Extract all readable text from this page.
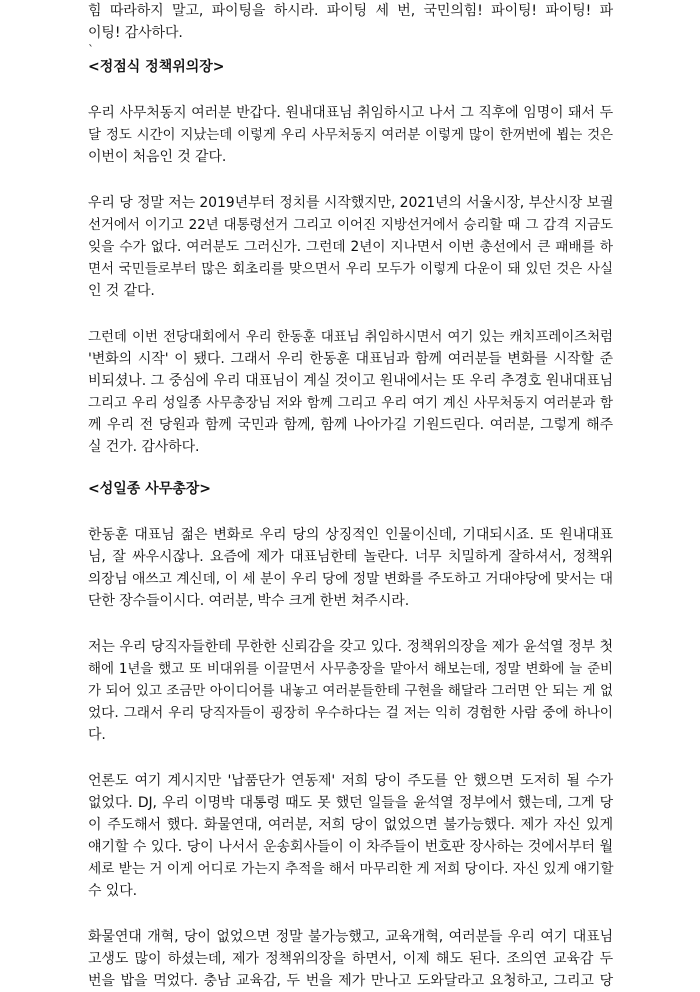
힘 따라하지 말고, 파이팅을 하시라. 파이팅 세 번, 국민의힘! 파이팅! 파이팅! 파
이팅! 감사하다.
`
<정점식 정책위의장>
우리 사무처동지 여러분 반갑다. 원내대표님 취임하시고 나서 그 직후에 임명이 돼서 두
달 정도 시간이 지났는데 이렇게 우리 사무처동지 여러분 이렇게 많이 한꺼번에 뵙는 것은
이번이 처음인 것 같다.
우리 당 정말 저는 2019년부터 정치를 시작했지만, 2021년의 서울시장, 부산시장 보궐
선거에서 이기고 22년 대통령선거 그리고 이어진 지방선거에서 승리할 때 그 감격 지금도
잊을 수가 없다. 여러분도 그러신가. 그런데 2년이 지나면서 이번 총선에서 큰 패배를 하
면서 국민들로부터 많은 회초리를 맞으면서 우리 모두가 이렇게 다운이 돼 있던 것은 사실
인 것 같다.
그런데 이번 전당대회에서 우리 한동훈 대표님 취임하시면서 여기 있는 캐치프레이즈처럼
'변화의 시작' 이 됐다. 그래서 우리 한동훈 대표님과 함께 여러분들 변화를 시작할 준
비되셨나. 그 중심에 우리 대표님이 계실 것이고 원내에서는 또 우리 추경호 원내대표님
그리고 우리 성일종 사무총장님 저와 함께 그리고 우리 여기 계신 사무처동지 여러분과 함
께 우리 전 당원과 함께 국민과 함께, 함께 나아가길 기원드린다. 여러분, 그렇게 해주
실 건가. 감사하다.
<성일종 사무총장>
한동훈 대표님 젊은 변화로 우리 당의 상징적인 인물이신데, 기대되시죠. 또 원내대표
님, 잘 싸우시잖나. 요즘에 제가 대표님한테 놀란다. 너무 치밀하게 잘하셔서, 정책위
의장님 애쓰고 계신데, 이 세 분이 우리 당에 정말 변화를 주도하고 거대야당에 맞서는 대
단한 장수들이시다. 여러분, 박수 크게 한번 쳐주시라.
저는 우리 당직자들한테 무한한 신뢰감을 갖고 있다. 정책위의장을 제가 윤석열 정부 첫
해에 1년을 했고 또 비대위를 이끌면서 사무총장을 맡아서 해보는데, 정말 변화에 늘 준비
가 되어 있고 조금만 아이디어를 내놓고 여러분들한테 구현을 해달라 그러면 안 되는 게 없
었다. 그래서 우리 당직자들이 굉장히 우수하다는 걸 저는 익히 경험한 사람 중에 하나이
다.
언론도 여기 계시지만 '납품단가 연동제' 저희 당이 주도를 안 했으면 도저히 될 수가
없었다. DJ, 우리 이명박 대통령 때도 못 했던 일들을 윤석열 정부에서 했는데, 그게 당
이 주도해서 했다. 화물연대, 여러분, 저희 당이 없었으면 불가능했다. 제가 자신 있게
얘기할 수 있다. 당이 나서서 운송회사들이 이 차주들이 번호판 장사하는 것에서부터 월
세로 받는 거 이게 어디로 가는지 추적을 해서 마무리한 게 저희 당이다. 자신 있게 얘기할
수 있다.
화물연대 개혁, 당이 없었으면 정말 불가능했고, 교육개혁, 여러분들 우리 여기 대표님
고생도 많이 하셨는데, 제가 정책위의장을 하면서, 이제 해도 된다. 조의연 교육감 두
번을 밥을 먹었다. 충남 교육감, 두 번을 제가 만나고 도와달라고 요청하고, 그리고 당
